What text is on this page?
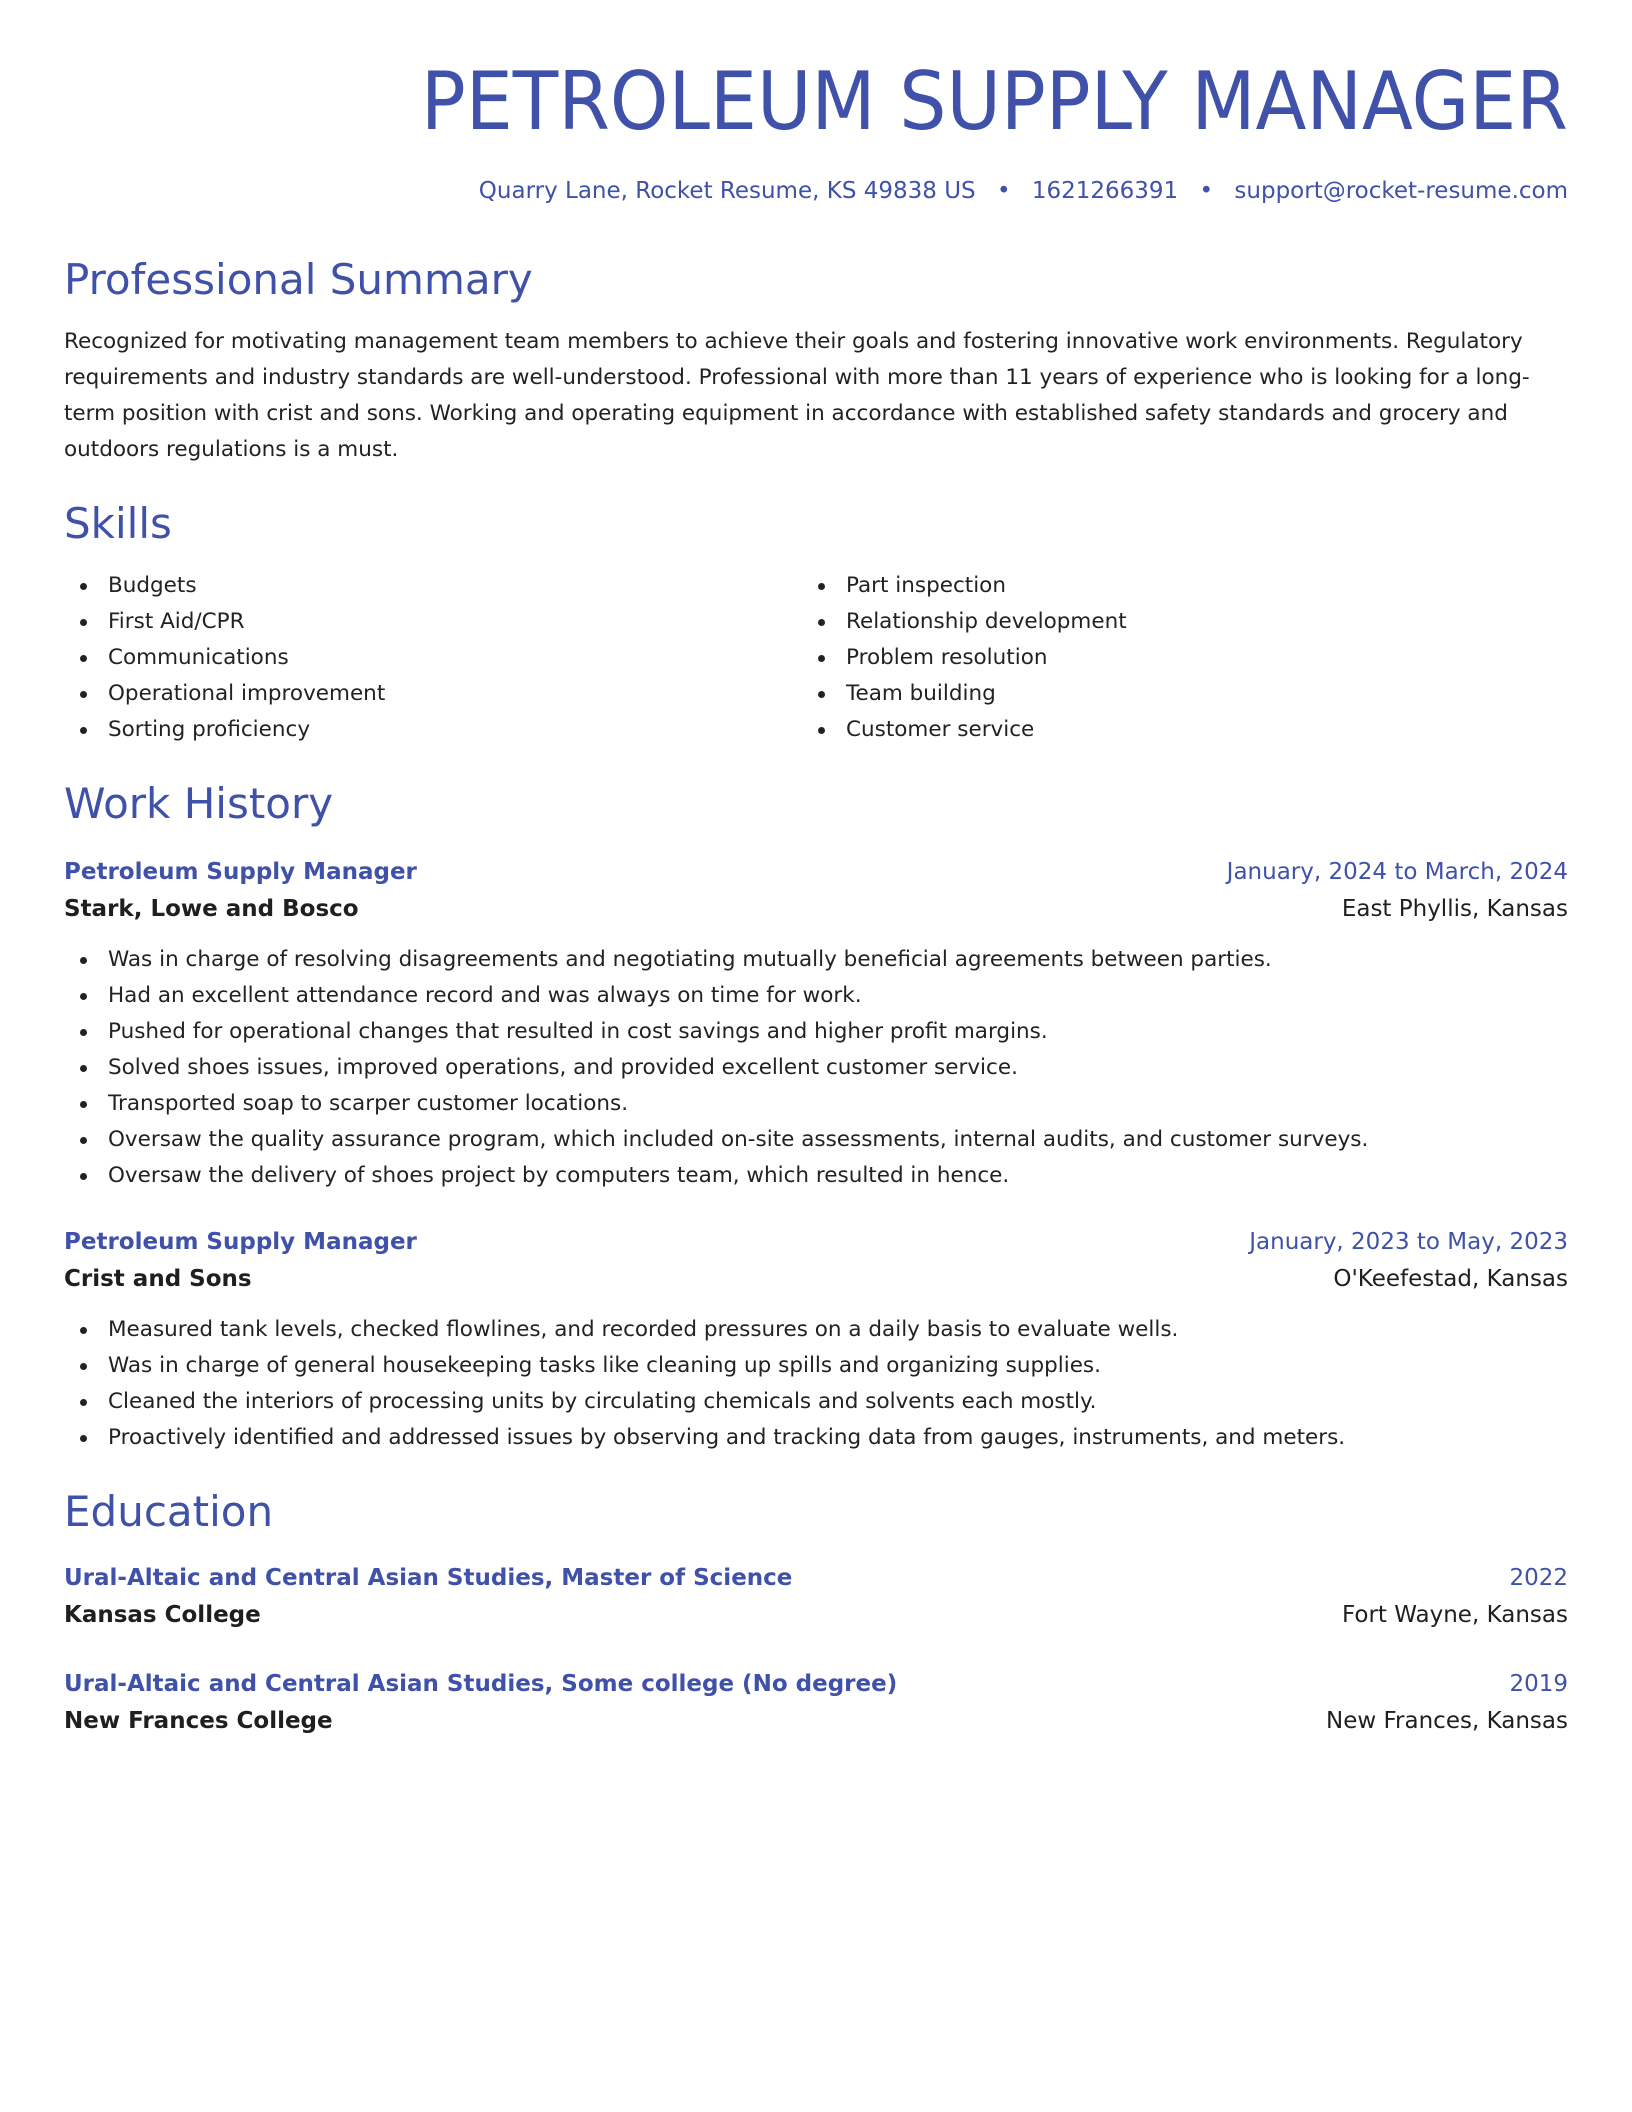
PETROLEUM SUPPLY MANAGER
Quarry Lane, Rocket Resume, KS 49838 US • 1621266391 • support@rocket-resume.com
Professional Summary

Recognized for motivating management team members to achieve their goals and fostering innovative work environments. Regulatory requirements and industry standards are well-understood. Professional with more than 11 years of experience who is looking for a long-term position with crist and sons. Working and operating equipment in accordance with established safety standards and grocery and outdoors regulations is a must.

Skills
Budgets
First Aid/CPR
Communications
Operational improvement
Sorting proficiency
Part inspection
Relationship development
Problem resolution
Team building
Customer service
Work History
Petroleum Supply Manager	January, 2024 to March, 2024
Stark, Lowe and Bosco	East Phyllis, Kansas
Was in charge of resolving disagreements and negotiating mutually beneficial agreements between parties.
Had an excellent attendance record and was always on time for work.
Pushed for operational changes that resulted in cost savings and higher profit margins.
Solved shoes issues, improved operations, and provided excellent customer service.
Transported soap to scarper customer locations.
Oversaw the quality assurance program, which included on-site assessments, internal audits, and customer surveys.
Oversaw the delivery of shoes project by computers team, which resulted in hence.
Petroleum Supply Manager	January, 2023 to May, 2023
Crist and Sons	O'Keefestad, Kansas
Measured tank levels, checked flowlines, and recorded pressures on a daily basis to evaluate wells.
Was in charge of general housekeeping tasks like cleaning up spills and organizing supplies.
Cleaned the interiors of processing units by circulating chemicals and solvents each mostly.
Proactively identified and addressed issues by observing and tracking data from gauges, instruments, and meters.
Education
Ural-Altaic and Central Asian Studies, Master of Science	2022
Kansas College	Fort Wayne, Kansas
Ural-Altaic and Central Asian Studies, Some college (No degree)	2019
New Frances College	New Frances, Kansas
